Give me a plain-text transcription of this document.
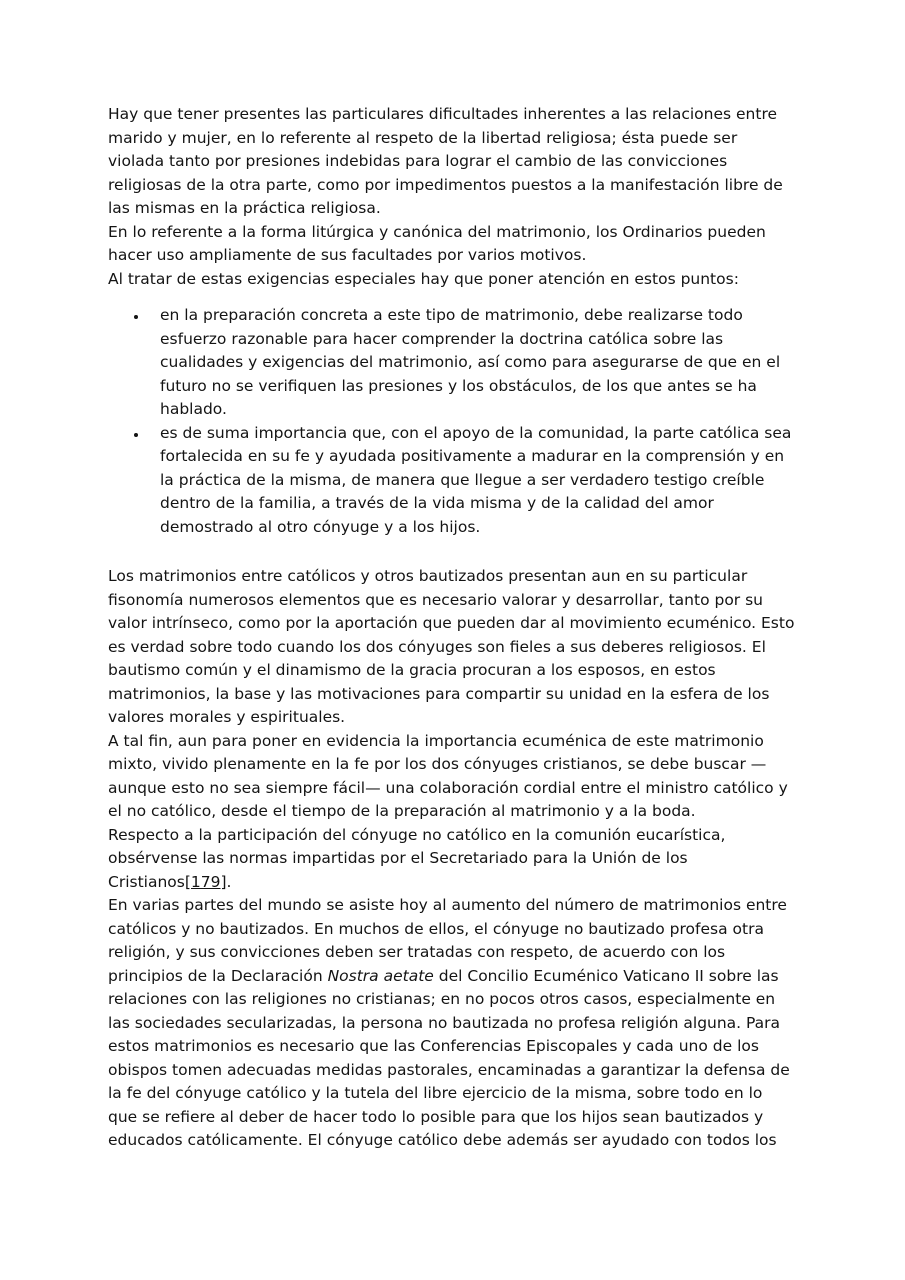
Hay que tener presentes las particulares dificultades inherentes a las relaciones entre marido y mujer, en lo referente al respeto de la libertad religiosa; ésta puede ser violada tanto por presiones indebidas para lograr el cambio de las convicciones religiosas de la otra parte, como por impedimentos puestos a la manifestación libre de las mismas en la práctica religiosa.

En lo referente a la forma litúrgica y canónica del matrimonio, los Ordinarios pueden hacer uso ampliamente de sus facultades por varios motivos.

Al tratar de estas exigencias especiales hay que poner atención en estos puntos:

• en la preparación concreta a este tipo de matrimonio, debe realizarse todo esfuerzo razonable para hacer comprender la doctrina católica sobre las cualidades y exigencias del matrimonio, así como para asegurarse de que en el futuro no se verifiquen las presiones y los obstáculos, de los que antes se ha hablado.
• es de suma importancia que, con el apoyo de la comunidad, la parte católica sea fortalecida en su fe y ayudada positivamente a madurar en la comprensión y en la práctica de la misma, de manera que llegue a ser verdadero testigo creíble dentro de la familia, a través de la vida misma y de la calidad del amor demostrado al otro cónyuge y a los hijos.

Los matrimonios entre católicos y otros bautizados presentan aun en su particular fisonomía numerosos elementos que es necesario valorar y desarrollar, tanto por su valor intrínseco, como por la aportación que pueden dar al movimiento ecuménico. Esto es verdad sobre todo cuando los dos cónyuges son fieles a sus deberes religiosos. El bautismo común y el dinamismo de la gracia procuran a los esposos, en estos matrimonios, la base y las motivaciones para compartir su unidad en la esfera de los valores morales y espirituales.

A tal fin, aun para poner en evidencia la importancia ecuménica de este matrimonio mixto, vivido plenamente en la fe por los dos cónyuges cristianos, se debe buscar —aunque esto no sea siempre fácil— una colaboración cordial entre el ministro católico y el no católico, desde el tiempo de la preparación al matrimonio y a la boda.

Respecto a la participación del cónyuge no católico en la comunión eucarística, obsérvense las normas impartidas por el Secretariado para la Unión de los Cristianos[179].

En varias partes del mundo se asiste hoy al aumento del número de matrimonios entre católicos y no bautizados. En muchos de ellos, el cónyuge no bautizado profesa otra religión, y sus convicciones deben ser tratadas con respeto, de acuerdo con los principios de la Declaración Nostra aetate del Concilio Ecuménico Vaticano II sobre las relaciones con las religiones no cristianas; en no pocos otros casos, especialmente en las sociedades secularizadas, la persona no bautizada no profesa religión alguna. Para estos matrimonios es necesario que las Conferencias Episcopales y cada uno de los obispos tomen adecuadas medidas pastorales, encaminadas a garantizar la defensa de la fe del cónyuge católico y la tutela del libre ejercicio de la misma, sobre todo en lo que se refiere al deber de hacer todo lo posible para que los hijos sean bautizados y educados católicamente. El cónyuge católico debe además ser ayudado con todos los
